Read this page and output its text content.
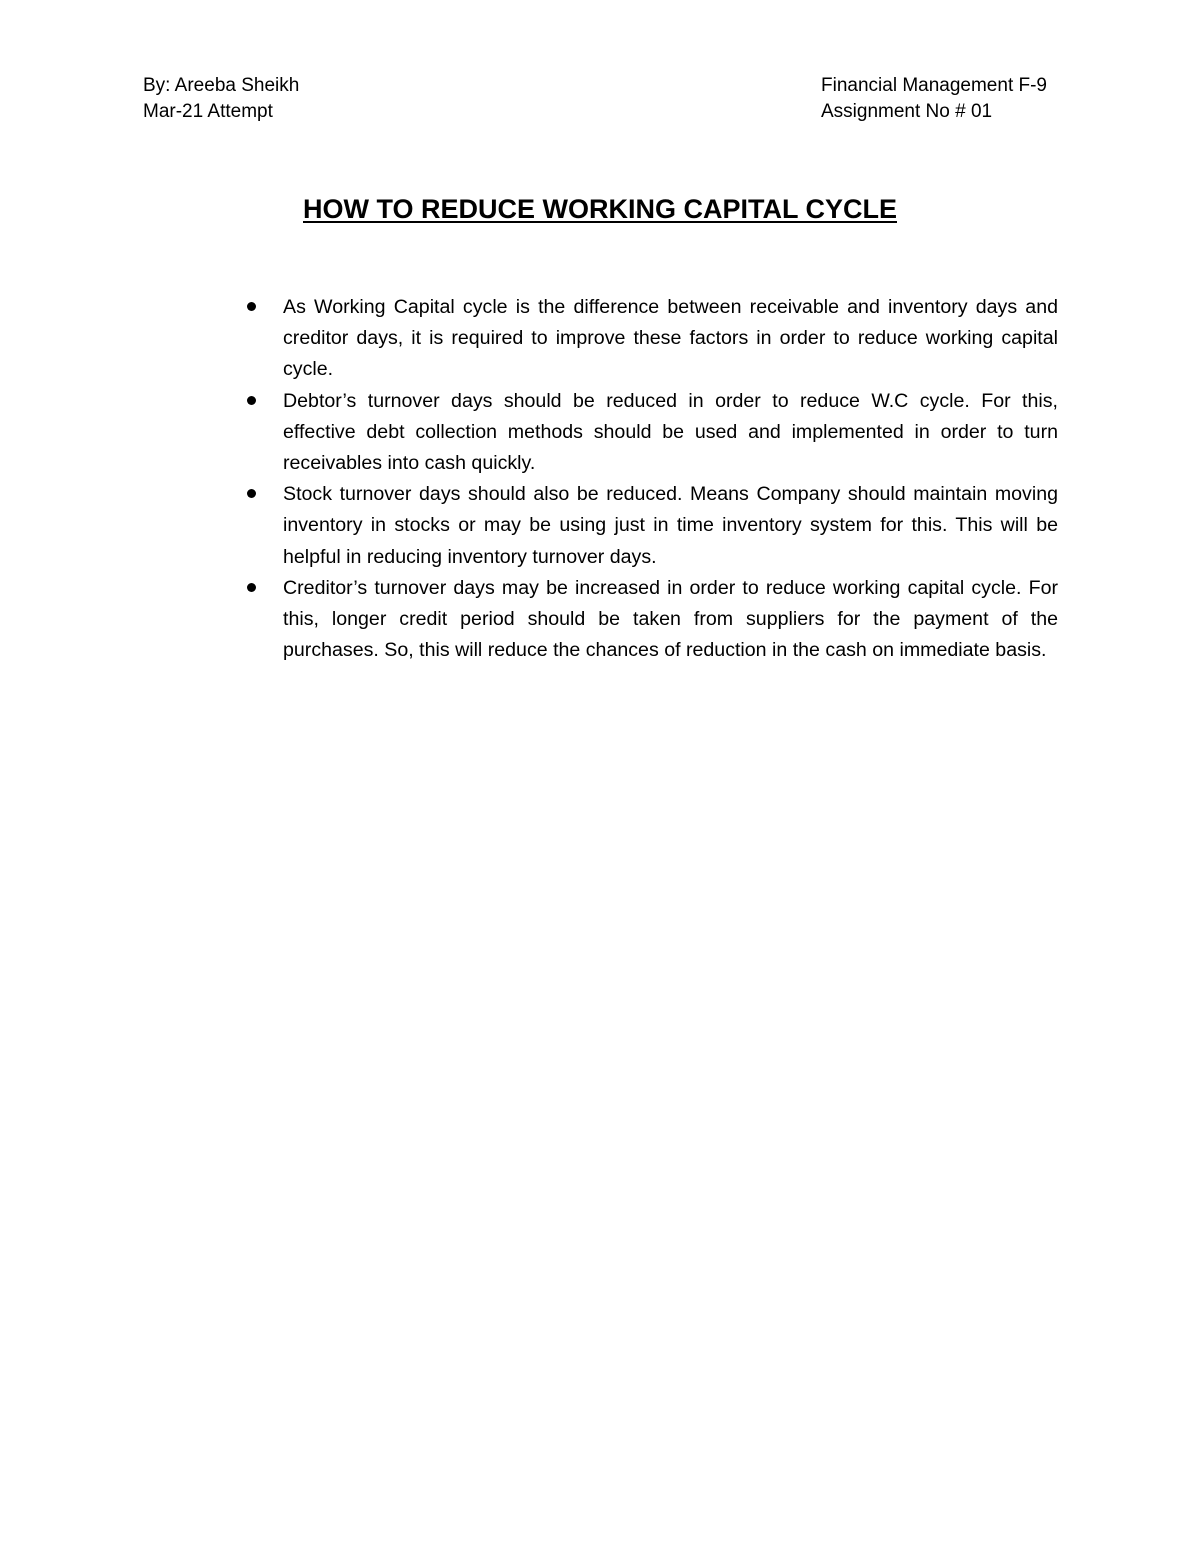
By: Areeba Sheikh
Mar-21 Attempt
Financial Management F-9
Assignment No # 01
HOW TO REDUCE WORKING CAPITAL CYCLE
As Working Capital cycle is the difference between receivable and inventory days and creditor days, it is required to improve these factors in order to reduce working capital cycle.
Debtor’s turnover days should be reduced in order to reduce W.C cycle. For this, effective debt collection methods should be used and implemented in order to turn receivables into cash quickly.
Stock turnover days should also be reduced. Means Company should maintain moving inventory in stocks or may be using just in time inventory system for this. This will be helpful in reducing inventory turnover days.
Creditor’s turnover days may be increased in order to reduce working capital cycle. For this, longer credit period should be taken from suppliers for the payment of the purchases. So, this will reduce the chances of reduction in the cash on immediate basis.
